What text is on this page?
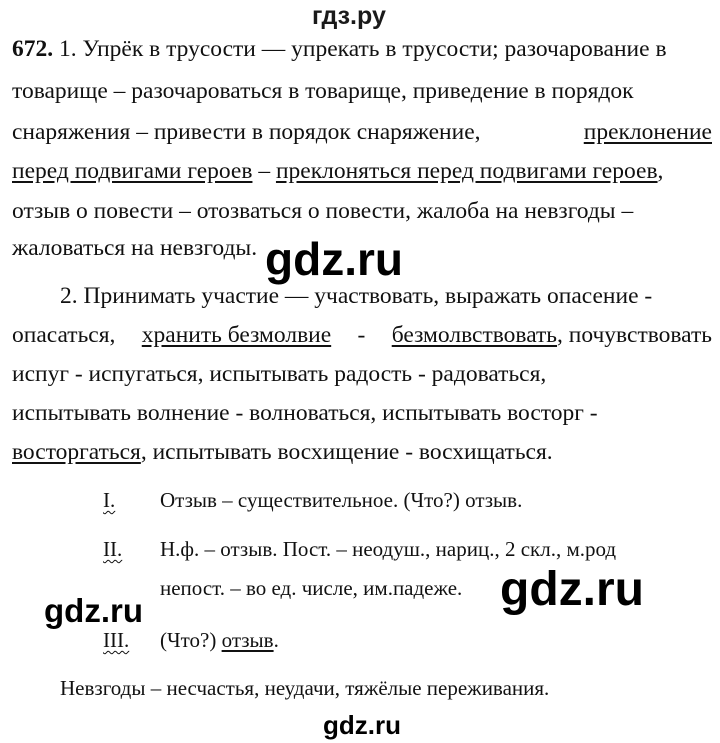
гдз.ру
672. 1. Упрёк в трусости — упрекать в трусости; разочарование в
товарище – разочароваться в товарище, приведение в порядок
снаряжения – привести в порядок снаряжение,	преклонение
перед подвигами героев – преклоняться перед подвигами героев,
отзыв о повести – отозваться о повести, жалоба на невзгоды –
жаловаться на невзгоды.
2. Принимать участие — участвовать, выражать опасение -
опасаться, хранить безмолвие - безмолвствовать, почувствовать
испуг - испугаться, испытывать радость - радоваться,
испытывать волнение - волноваться, испытывать восторг -
восторгаться, испытывать восхищение - восхищаться.
I. Отзыв – существительное. (Что?) отзыв.
II. Н.ф. – отзыв. Пост. – неодуш., нариц., 2 скл., м.род
непост. – во ед. числе, им.падеже.
III. (Что?) отзыв.
Невзгоды – несчастья, неудачи, тяжёлые переживания.
gdz.ru
gdz.ru
gdz.ru
gdz.ru
